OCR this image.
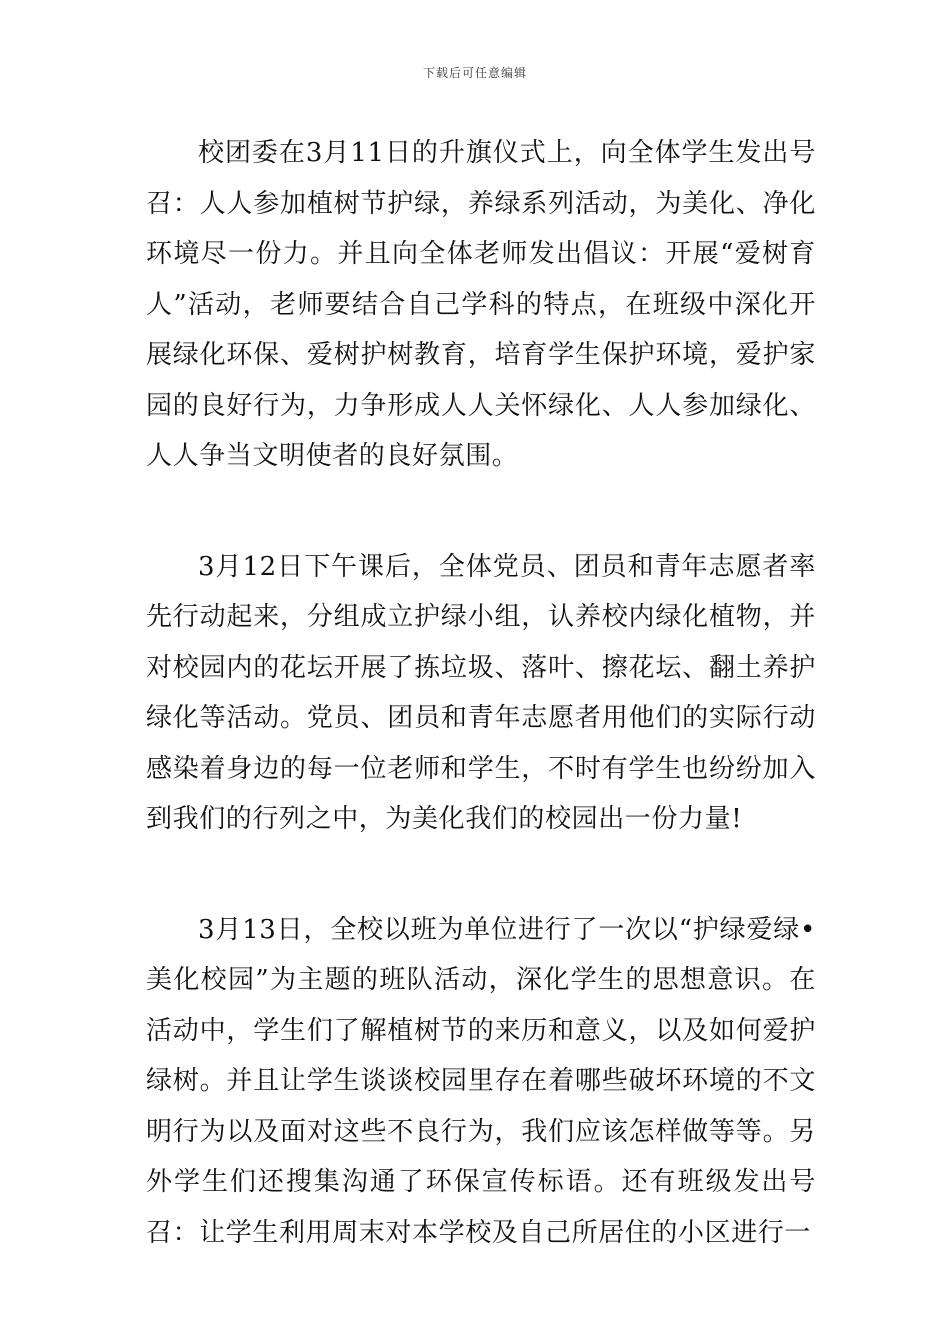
下载后可任意编辑

校团委在3月11日的升旗仪式上，向全体学生发出号召：人人参加植树节护绿，养绿系列活动，为美化、净化环境尽一份力。并且向全体老师发出倡议：开展“爱树育人”活动，老师要结合自己学科的特点，在班级中深化开展绿化环保、爱树护树教育，培育学生保护环境，爱护家园的良好行为，力争形成人人关怀绿化、人人参加绿化、人人争当文明使者的良好氛围。

3月12日下午课后，全体党员、团员和青年志愿者率先行动起来，分组成立护绿小组，认养校内绿化植物，并对校园内的花坛开展了拣垃圾、落叶、擦花坛、翻土养护绿化等活动。党员、团员和青年志愿者用他们的实际行动感染着身边的每一位老师和学生，不时有学生也纷纷加入到我们的行列之中，为美化我们的校园出一份力量!

3月13日，全校以班为单位进行了一次以“护绿爱绿•美化校园”为主题的班队活动，深化学生的思想意识。在活动中，学生们了解植树节的来历和意义，以及如何爱护绿树。并且让学生谈谈校园里存在着哪些破坏环境的不文明行为以及面对这些不良行为，我们应该怎样做等等。另外学生们还搜集沟通了环保宣传标语。还有班级发出号召：让学生利用周末对本学校及自己所居住的小区进行一
